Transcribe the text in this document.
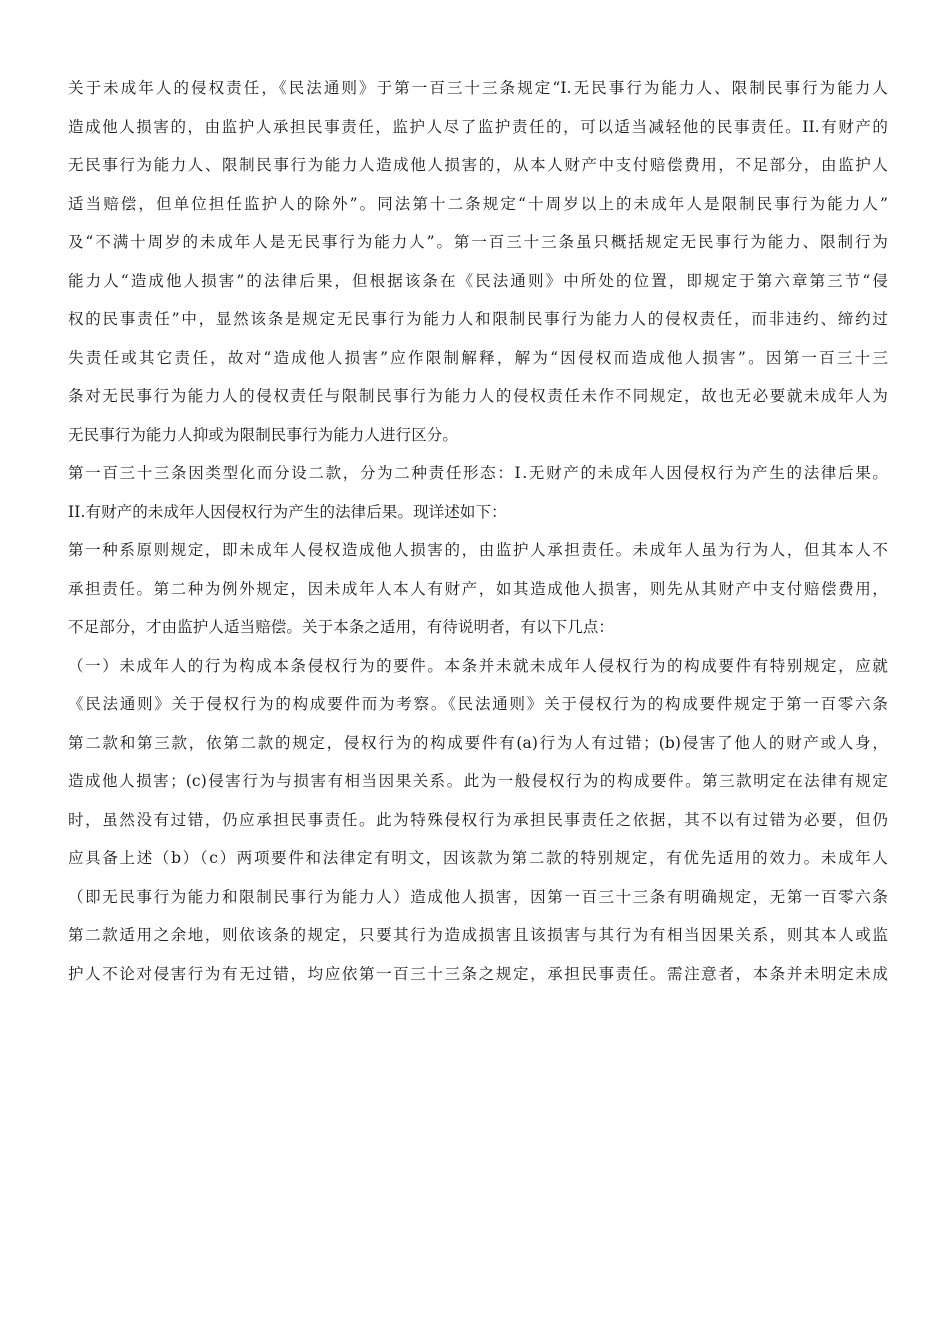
关于未成年人的侵权责任，《民法通则》于第一百三十三条规定“I.无民事行为能力人、限制民事行为能力人

造成他人损害的，由监护人承担民事责任，监护人尽了监护责任的，可以适当减轻他的民事责任。II.有财产的

无民事行为能力人、限制民事行为能力人造成他人损害的，从本人财产中支付赔偿费用，不足部分，由监护人

适当赔偿，但单位担任监护人的除外”。同法第十二条规定“十周岁以上的未成年人是限制民事行为能力人”

及“不满十周岁的未成年人是无民事行为能力人”。第一百三十三条虽只概括规定无民事行为能力、限制行为

能力人“造成他人损害”的法律后果，但根据该条在《民法通则》中所处的位置，即规定于第六章第三节“侵

权的民事责任”中，显然该条是规定无民事行为能力人和限制民事行为能力人的侵权责任，而非违约、缔约过

失责任或其它责任，故对“造成他人损害”应作限制解释，解为“因侵权而造成他人损害”。因第一百三十三

条对无民事行为能力人的侵权责任与限制民事行为能力人的侵权责任未作不同规定，故也无必要就未成年人为

无民事行为能力人抑或为限制民事行为能力人进行区分。

第一百三十三条因类型化而分设二款，分为二种责任形态：Ⅰ.无财产的未成年人因侵权行为产生的法律后果。

II.有财产的未成年人因侵权行为产生的法律后果。现详述如下：

第一种系原则规定，即未成年人侵权造成他人损害的，由监护人承担责任。未成年人虽为行为人，但其本人不

承担责任。第二种为例外规定，因未成年人本人有财产，如其造成他人损害，则先从其财产中支付赔偿费用，

不足部分，才由监护人适当赔偿。关于本条之适用，有待说明者，有以下几点：

（一）未成年人的行为构成本条侵权行为的要件。本条并未就未成年人侵权行为的构成要件有特别规定，应就

《民法通则》关于侵权行为的构成要件而为考察。《民法通则》关于侵权行为的构成要件规定于第一百零六条

第二款和第三款，依第二款的规定，侵权行为的构成要件有(a)行为人有过错；(b)侵害了他人的财产或人身，

造成他人损害；(c)侵害行为与损害有相当因果关系。此为一般侵权行为的构成要件。第三款明定在法律有规定

时，虽然没有过错，仍应承担民事责任。此为特殊侵权行为承担民事责任之依据，其不以有过错为必要，但仍

应具备上述（b）（c）两项要件和法律定有明文，因该款为第二款的特别规定，有优先适用的效力。未成年人

（即无民事行为能力和限制民事行为能力人）造成他人损害，因第一百三十三条有明确规定，无第一百零六条

第二款适用之余地，则依该条的规定，只要其行为造成损害且该损害与其行为有相当因果关系，则其本人或监

护人不论对侵害行为有无过错，均应依第一百三十三条之规定，承担民事责任。需注意者，本条并未明定未成
